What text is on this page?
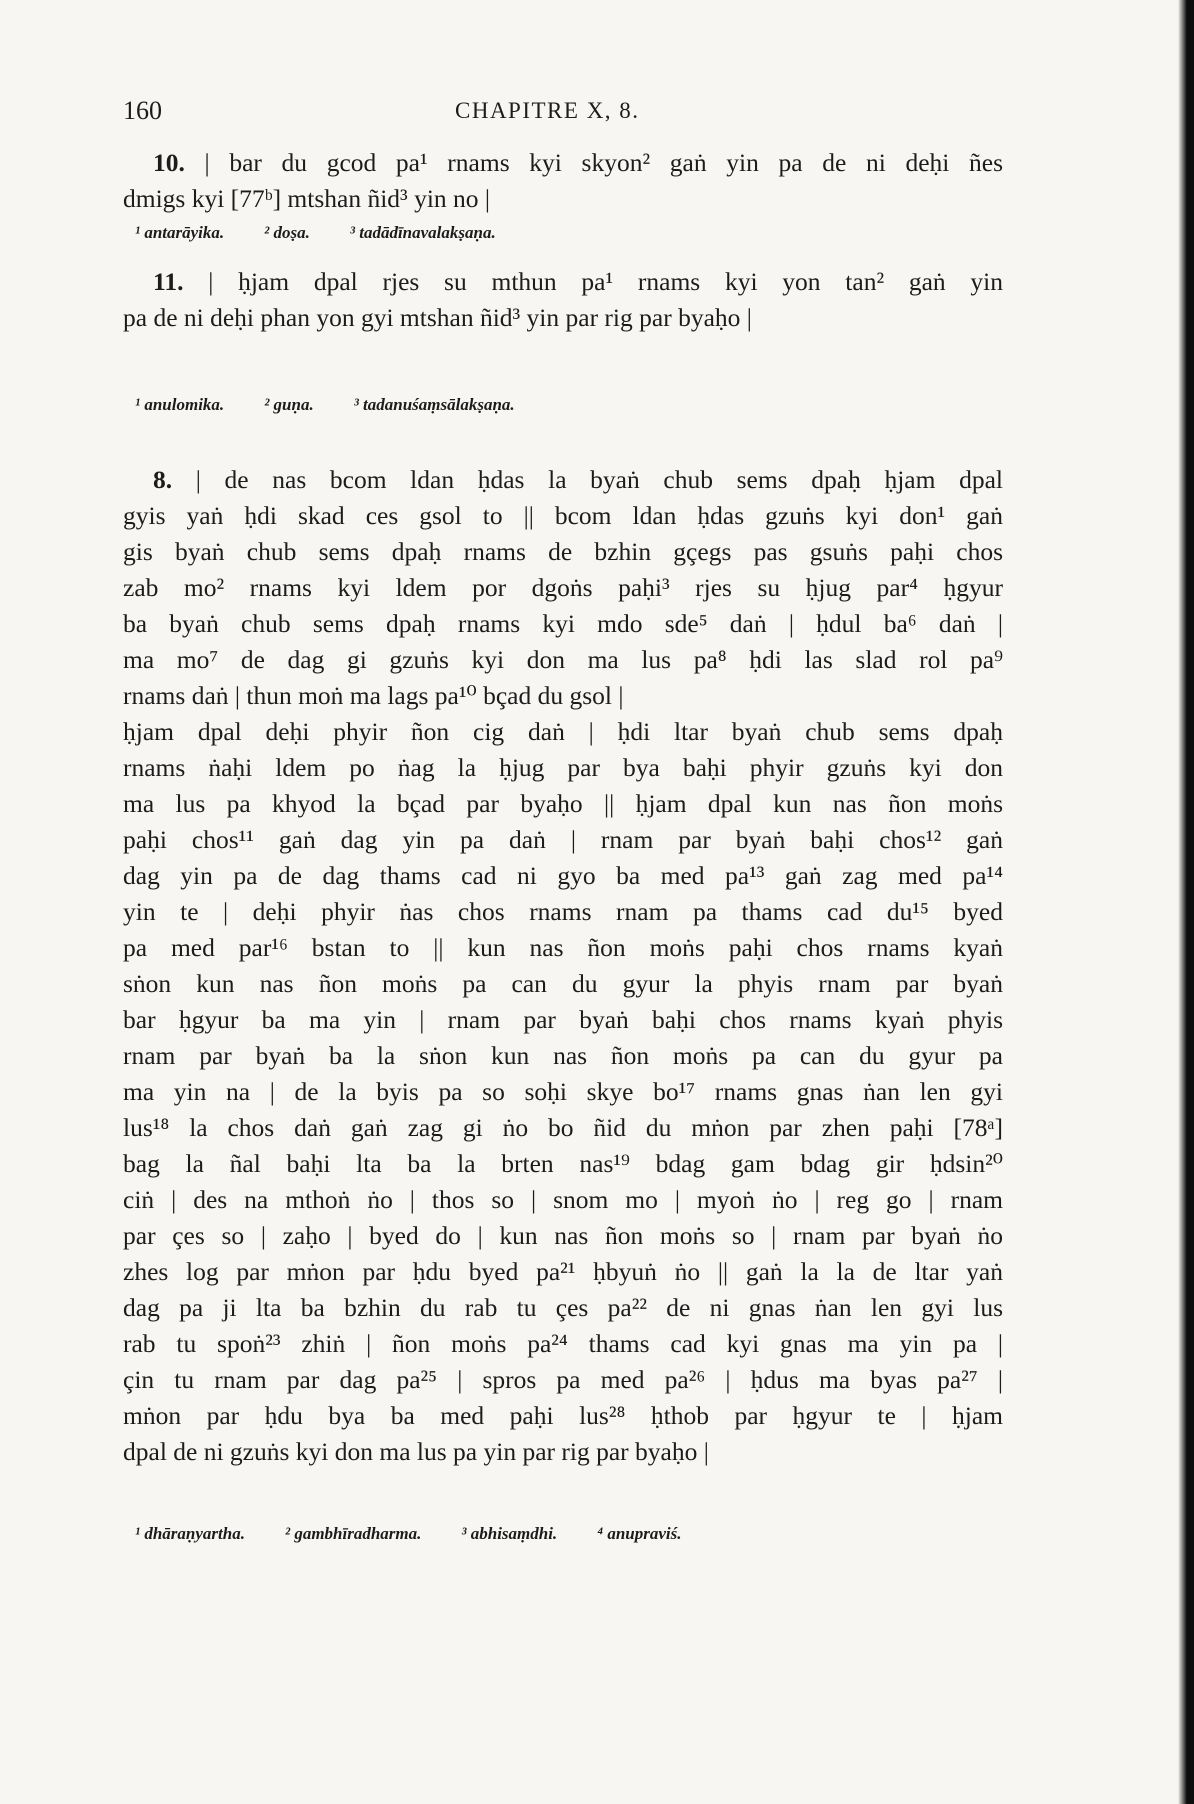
160	CHAPITRE X, 8.
10. | bar du gcod pa¹ rnams kyi skyon² gaṅ yin pa de ni deḥi ñes
dmigs kyi [77ᵇ] mtshan ñid³ yin no |
¹ antarāyika. ² doṣa. ³ tadādīnavalakṣaṇa.
11. | ḥjam dpal rjes su mthun pa¹ rnams kyi yon tan² gaṅ yin
pa de ni deḥi phan yon gyi mtshan ñid³ yin par rig par byaḥo |
¹ anulomika. ² guṇa. ³ tadanuśaṃsālakṣaṇa.
8. | de nas bcom ldan ḥdas la byaṅ chub sems dpaḥ ḥjam dpal
gyis yaṅ ḥdi skad ces gsol to || bcom ldan ḥdas gzuṅs kyi don¹ gaṅ
gis byaṅ chub sems dpaḥ rnams de bzhin gçegs pas gsuṅs paḥi chos
zab mo² rnams kyi ldem por dgoṅs paḥi³ rjes su ḥjug par⁴ ḥgyur
ba byaṅ chub sems dpaḥ rnams kyi mdo sde⁵ daṅ | ḥdul ba⁶ daṅ |
ma mo⁷ de dag gi gzuṅs kyi don ma lus pa⁸ ḥdi las slad rol pa⁹
rnams daṅ | thun moṅ ma lags pa¹⁰ bçad du gsol |
ḥjam dpal deḥi phyir ñon cig daṅ | ḥdi ltar byaṅ chub sems dpaḥ
rnams ṅaḥi ldem po ṅag la ḥjug par bya baḥi phyir gzuṅs kyi don
ma lus pa khyod la bçad par byaḥo || ḥjam dpal kun nas ñon moṅs
paḥi chos¹¹ gaṅ dag yin pa daṅ | rnam par byaṅ baḥi chos¹² gaṅ
dag yin pa de dag thams cad ni gyo ba med pa¹³ gaṅ zag med pa¹⁴
yin te | deḥi phyir ṅas chos rnams rnam pa thams cad du¹⁵ byed
pa med par¹⁶ bstan to || kun nas ñon moṅs paḥi chos rnams kyaṅ
sṅon kun nas ñon moṅs pa can du gyur la phyis rnam par byaṅ
bar ḥgyur ba ma yin | rnam par byaṅ baḥi chos rnams kyaṅ phyis
rnam par byaṅ ba la sṅon kun nas ñon moṅs pa can du gyur pa
ma yin na | de la byis pa so soḥi skye bo¹⁷ rnams gnas ṅan len gyi
lus¹⁸ la chos daṅ gaṅ zag gi ṅo bo ñid du mṅon par zhen paḥi [78ᵃ]
bag la ñal baḥi lta ba la brten nas¹⁹ bdag gam bdag gir ḥdsin²⁰
ciṅ | des na mthoṅ ṅo | thos so | snom mo | myoṅ ṅo | reg go | rnam
par çes so | zaḥo | byed do | kun nas ñon moṅs so | rnam par byaṅ ṅo
zhes log par mṅon par ḥdu byed pa²¹ ḥbyuṅ ṅo || gaṅ la la de ltar yaṅ
dag pa ji lta ba bzhin du rab tu çes pa²² de ni gnas ṅan len gyi lus
rab tu spoṅ²³ zhiṅ | ñon moṅs pa²⁴ thams cad kyi gnas ma yin pa |
çin tu rnam par dag pa²⁵ | spros pa med pa²⁶ | ḥdus ma byas pa²⁷ |
mṅon par ḥdu bya ba med paḥi lus²⁸ ḥthob par ḥgyur te | ḥjam
dpal de ni gzuṅs kyi don ma lus pa yin par rig par byaḥo |
¹ dhāraṇyartha. ² gambhīradharma. ³ abhisaṃdhi. ⁴ anupraviś.
